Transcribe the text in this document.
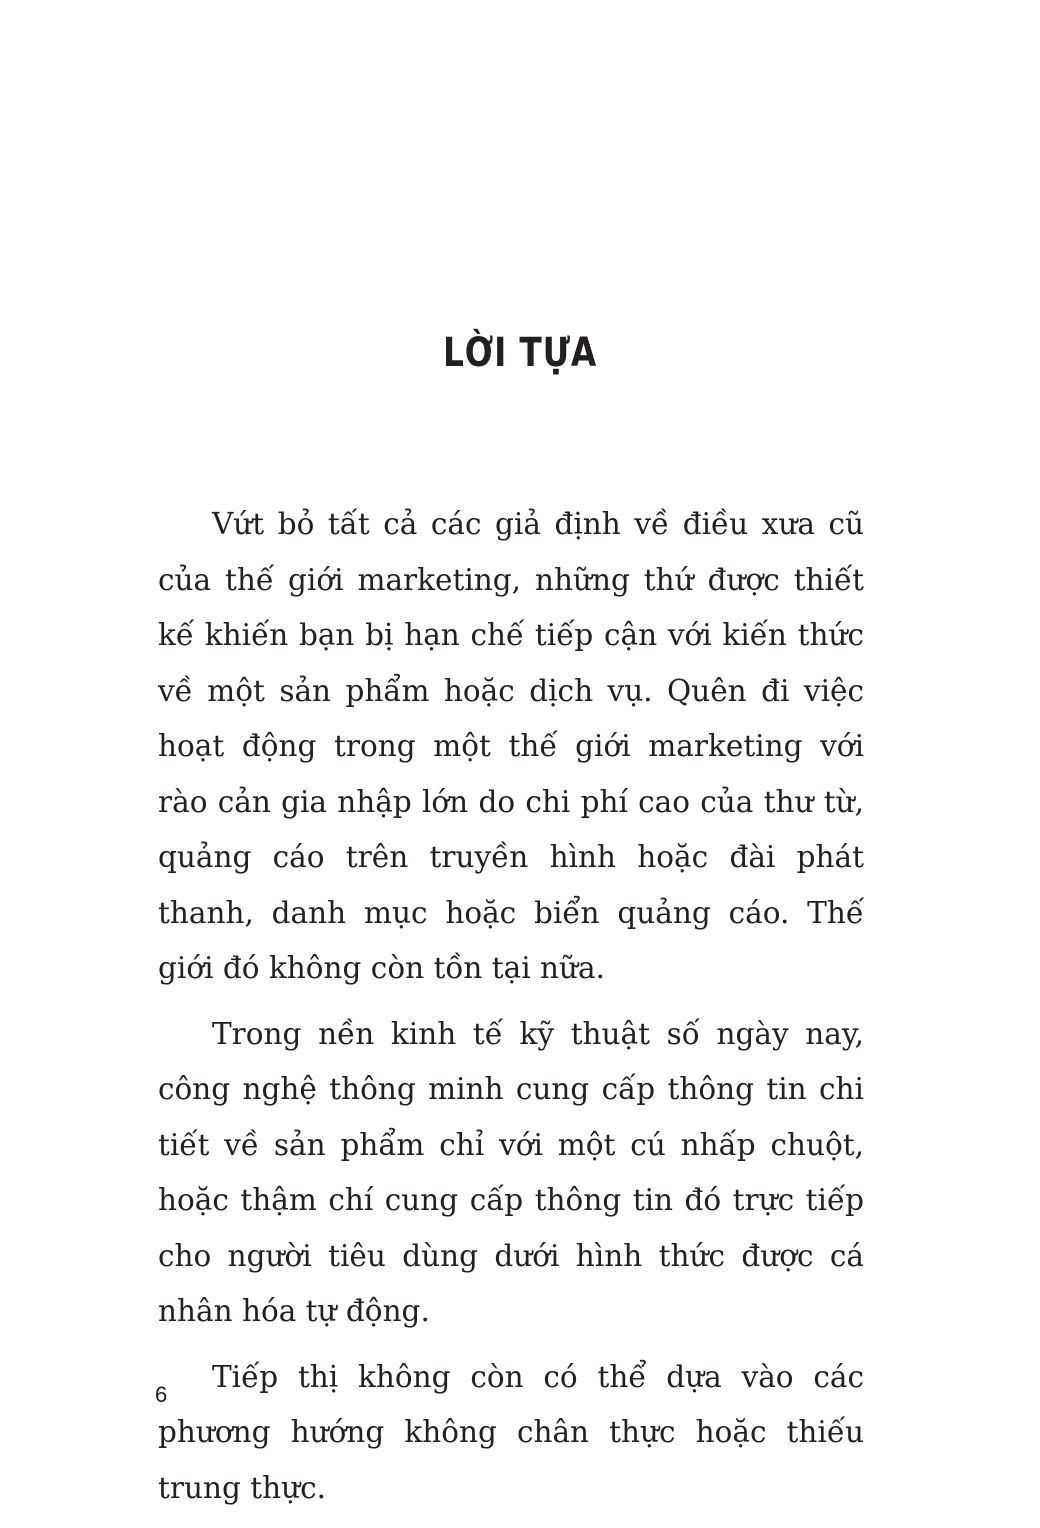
LỜI TỰA

Vứt bỏ tất cả các giả định về điều xưa cũ của thế giới marketing, những thứ được thiết kế khiến bạn bị hạn chế tiếp cận với kiến thức về một sản phẩm hoặc dịch vụ. Quên đi việc hoạt động trong một thế giới marketing với rào cản gia nhập lớn do chi phí cao của thư từ, quảng cáo trên truyền hình hoặc đài phát thanh, danh mục hoặc biển quảng cáo. Thế giới đó không còn tồn tại nữa.

Trong nền kinh tế kỹ thuật số ngày nay, công nghệ thông minh cung cấp thông tin chi tiết về sản phẩm chỉ với một cú nhấp chuột, hoặc thậm chí cung cấp thông tin đó trực tiếp cho người tiêu dùng dưới hình thức được cá nhân hóa tự động.

Tiếp thị không còn có thể dựa vào các phương hướng không chân thực hoặc thiếu trung thực.

6
